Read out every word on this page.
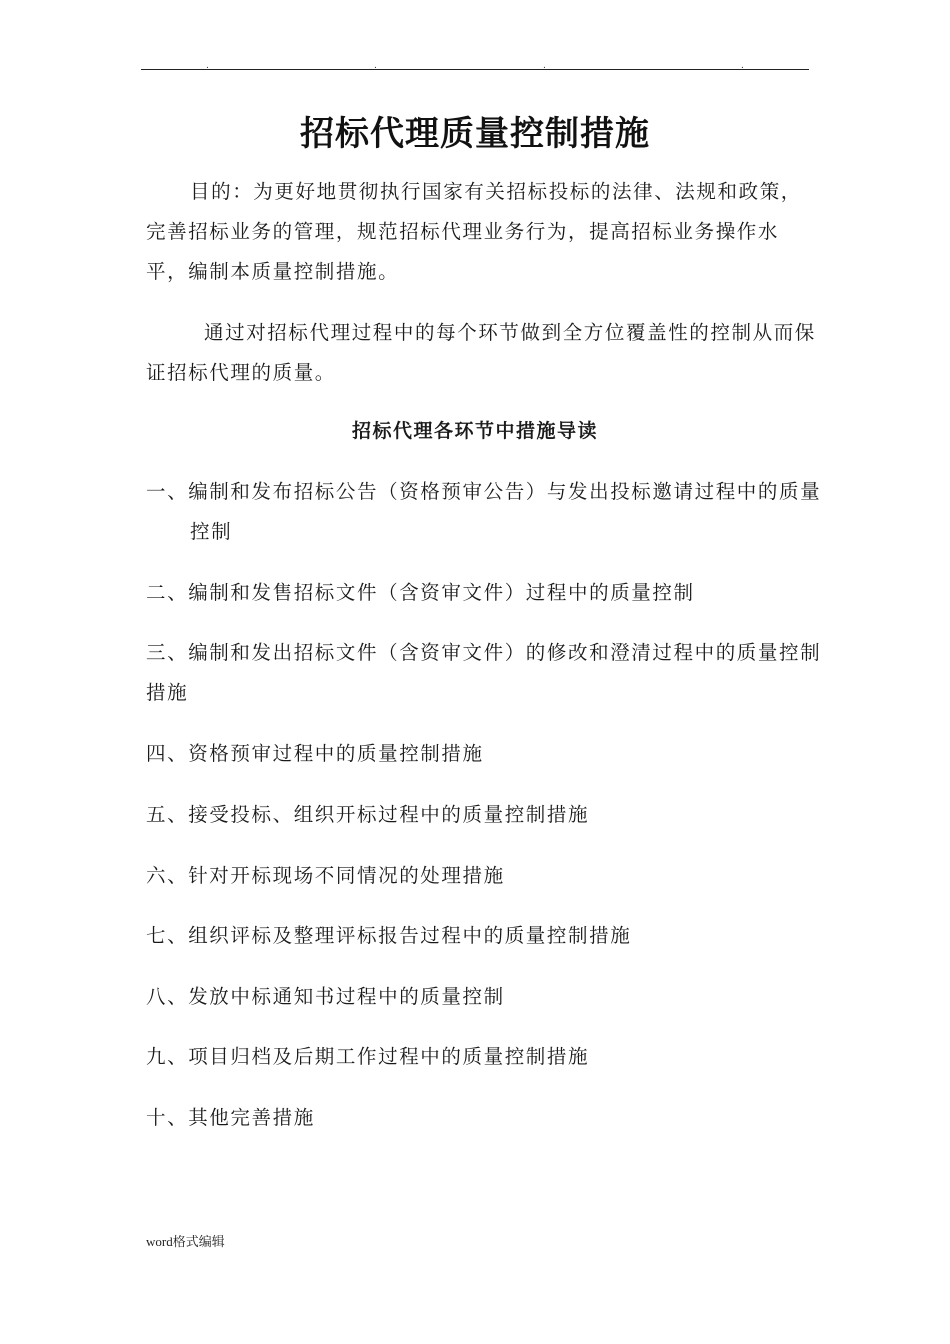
.	.	.	.
招标代理质量控制措施

目的：为更好地贯彻执行国家有关招标投标的法律、法规和政策，完善招标业务的管理，规范招标代理业务行为，提高招标业务操作水平，编制本质量控制措施。

通过对招标代理过程中的每个环节做到全方位覆盖性的控制从而保证招标代理的质量。

招标代理各环节中措施导读
一、编制和发布招标公告（资格预审公告）与发出投标邀请过程中的质量控制
二、编制和发售招标文件（含资审文件）过程中的质量控制
三、编制和发出招标文件（含资审文件）的修改和澄清过程中的质量控制措施
四、资格预审过程中的质量控制措施
五、接受投标、组织开标过程中的质量控制措施
六、针对开标现场不同情况的处理措施
七、组织评标及整理评标报告过程中的质量控制措施
八、发放中标通知书过程中的质量控制
九、项目归档及后期工作过程中的质量控制措施
十、其他完善措施
word格式编辑
